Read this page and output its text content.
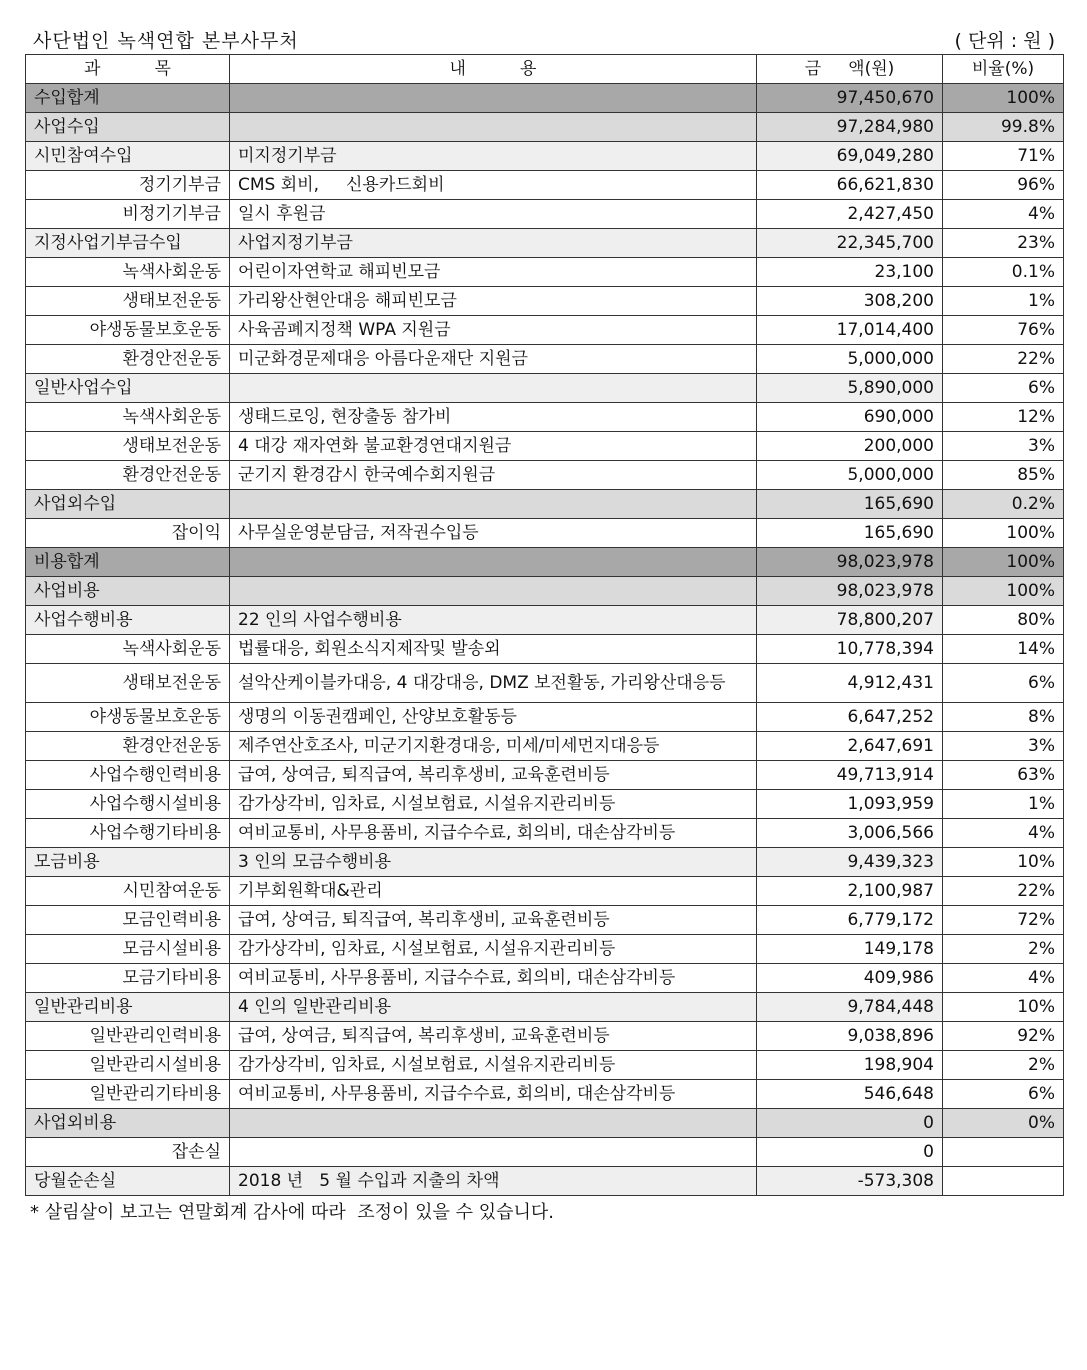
사단법인 녹색연합 본부사무처	( 단위 : 원 )
과          목	내          용	금     액(원)	비율(%)
수입합계		97,450,670	100%
사업수입		97,284,980	99.8%
시민참여수입	미지정기부금	69,049,280	71%
정기기부금	CMS 회비,     신용카드회비	66,621,830	96%
비정기기부금	일시 후원금	2,427,450	4%
지정사업기부금수입	사업지정기부금	22,345,700	23%
녹색사회운동	어린이자연학교 해피빈모금	23,100	0.1%
생태보전운동	가리왕산현안대응 해피빈모금	308,200	1%
야생동물보호운동	사육곰폐지정책 WPA 지원금	17,014,400	76%
환경안전운동	미군화경문제대응 아름다운재단 지원금	5,000,000	22%
일반사업수입		5,890,000	6%
녹색사회운동	생태드로잉, 현장출동 참가비	690,000	12%
생태보전운동	4 대강 재자연화 불교환경연대지원금	200,000	3%
환경안전운동	군기지 환경감시 한국예수회지원금	5,000,000	85%
사업외수입		165,690	0.2%
잡이익	사무실운영분담금, 저작권수입등	165,690	100%
비용합계		98,023,978	100%
사업비용		98,023,978	100%
사업수행비용	22 인의 사업수행비용	78,800,207	80%
녹색사회운동	법률대응, 회원소식지제작및 발송외	10,778,394	14%
생태보전운동	설악산케이블카대응, 4 대강대응, DMZ 보전활동, 가리왕산대응등	4,912,431	6%
야생동물보호운동	생명의 이동권캠페인, 산양보호활동등	6,647,252	8%
환경안전운동	제주연산호조사, 미군기지환경대응, 미세/미세먼지대응등	2,647,691	3%
사업수행인력비용	급여, 상여금, 퇴직급여, 복리후생비, 교육훈련비등	49,713,914	63%
사업수행시설비용	감가상각비, 임차료, 시설보험료, 시설유지관리비등	1,093,959	1%
사업수행기타비용	여비교통비, 사무용품비, 지급수수료, 회의비, 대손삼각비등	3,006,566	4%
모금비용	3 인의 모금수행비용	9,439,323	10%
시민참여운동	기부회원확대&관리	2,100,987	22%
모금인력비용	급여, 상여금, 퇴직급여, 복리후생비, 교육훈련비등	6,779,172	72%
모금시설비용	감가상각비, 임차료, 시설보험료, 시설유지관리비등	149,178	2%
모금기타비용	여비교통비, 사무용품비, 지급수수료, 회의비, 대손삼각비등	409,986	4%
일반관리비용	4 인의 일반관리비용	9,784,448	10%
일반관리인력비용	급여, 상여금, 퇴직급여, 복리후생비, 교육훈련비등	9,038,896	92%
일반관리시설비용	감가상각비, 임차료, 시설보험료, 시설유지관리비등	198,904	2%
일반관리기타비용	여비교통비, 사무용품비, 지급수수료, 회의비, 대손삼각비등	546,648	6%
사업외비용		0	0%
잡손실		0	
당월순손실	2018 년   5 월 수입과 지출의 차액	-573,308	
* 살림살이 보고는 연말회계 감사에 따라  조정이 있을 수 있습니다.
